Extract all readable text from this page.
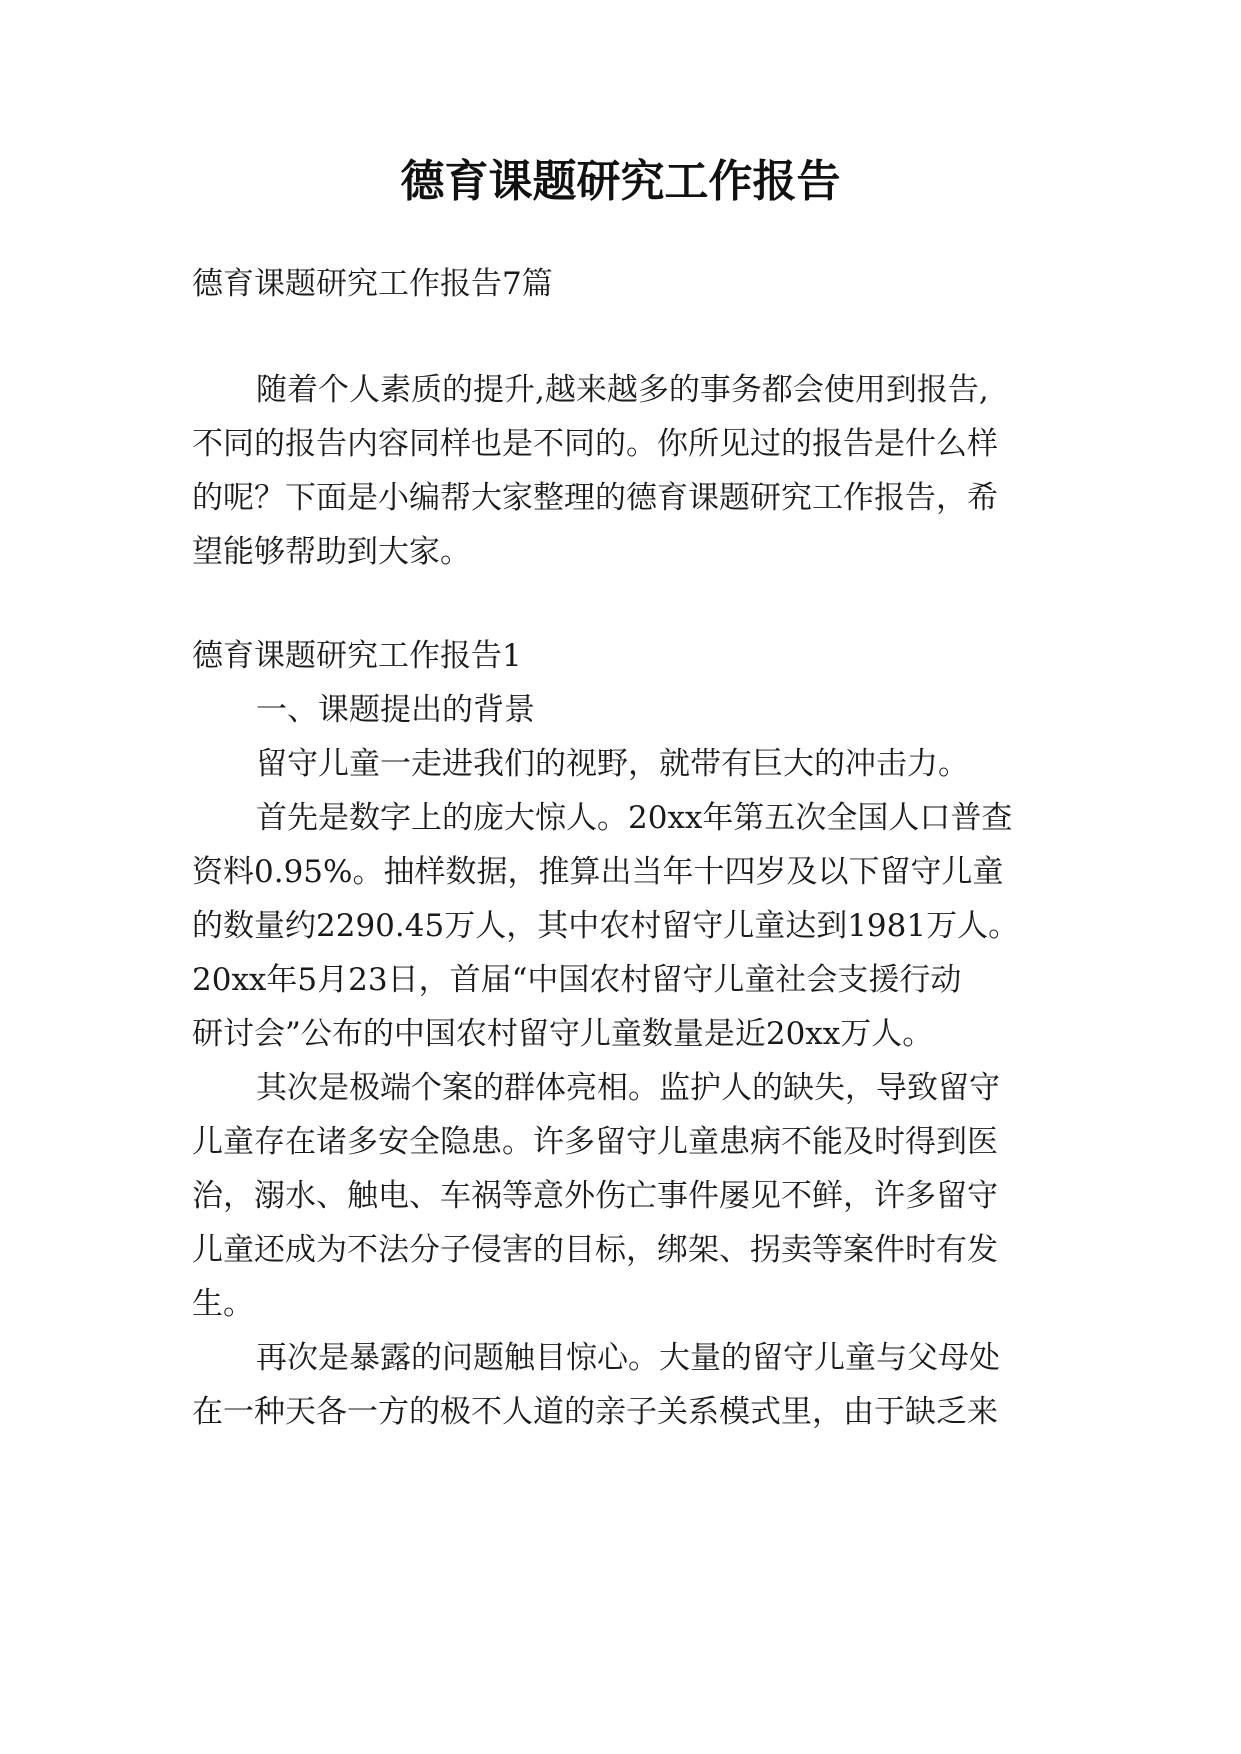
德育课题研究工作报告
德育课题研究工作报告7篇
随着个人素质的提升,越来越多的事务都会使用到报告,
不同的报告内容同样也是不同的。你所见过的报告是什么样
的呢？下面是小编帮大家整理的德育课题研究工作报告，希
望能够帮助到大家。
德育课题研究工作报告1
一、课题提出的背景
留守儿童一走进我们的视野，就带有巨大的冲击力。
首先是数字上的庞大惊人。20xx年第五次全国人口普查
资料0.95%。抽样数据，推算出当年十四岁及以下留守儿童
的数量约2290.45万人，其中农村留守儿童达到1981万人。
20xx年5月23日，首届“中国农村留守儿童社会支援行动
研讨会”公布的中国农村留守儿童数量是近20xx万人。
其次是极端个案的群体亮相。监护人的缺失，导致留守
儿童存在诸多安全隐患。许多留守儿童患病不能及时得到医
治，溺水、触电、车祸等意外伤亡事件屡见不鲜，许多留守
儿童还成为不法分子侵害的目标，绑架、拐卖等案件时有发
生。
再次是暴露的问题触目惊心。大量的留守儿童与父母处
在一种天各一方的极不人道的亲子关系模式里，由于缺乏来
